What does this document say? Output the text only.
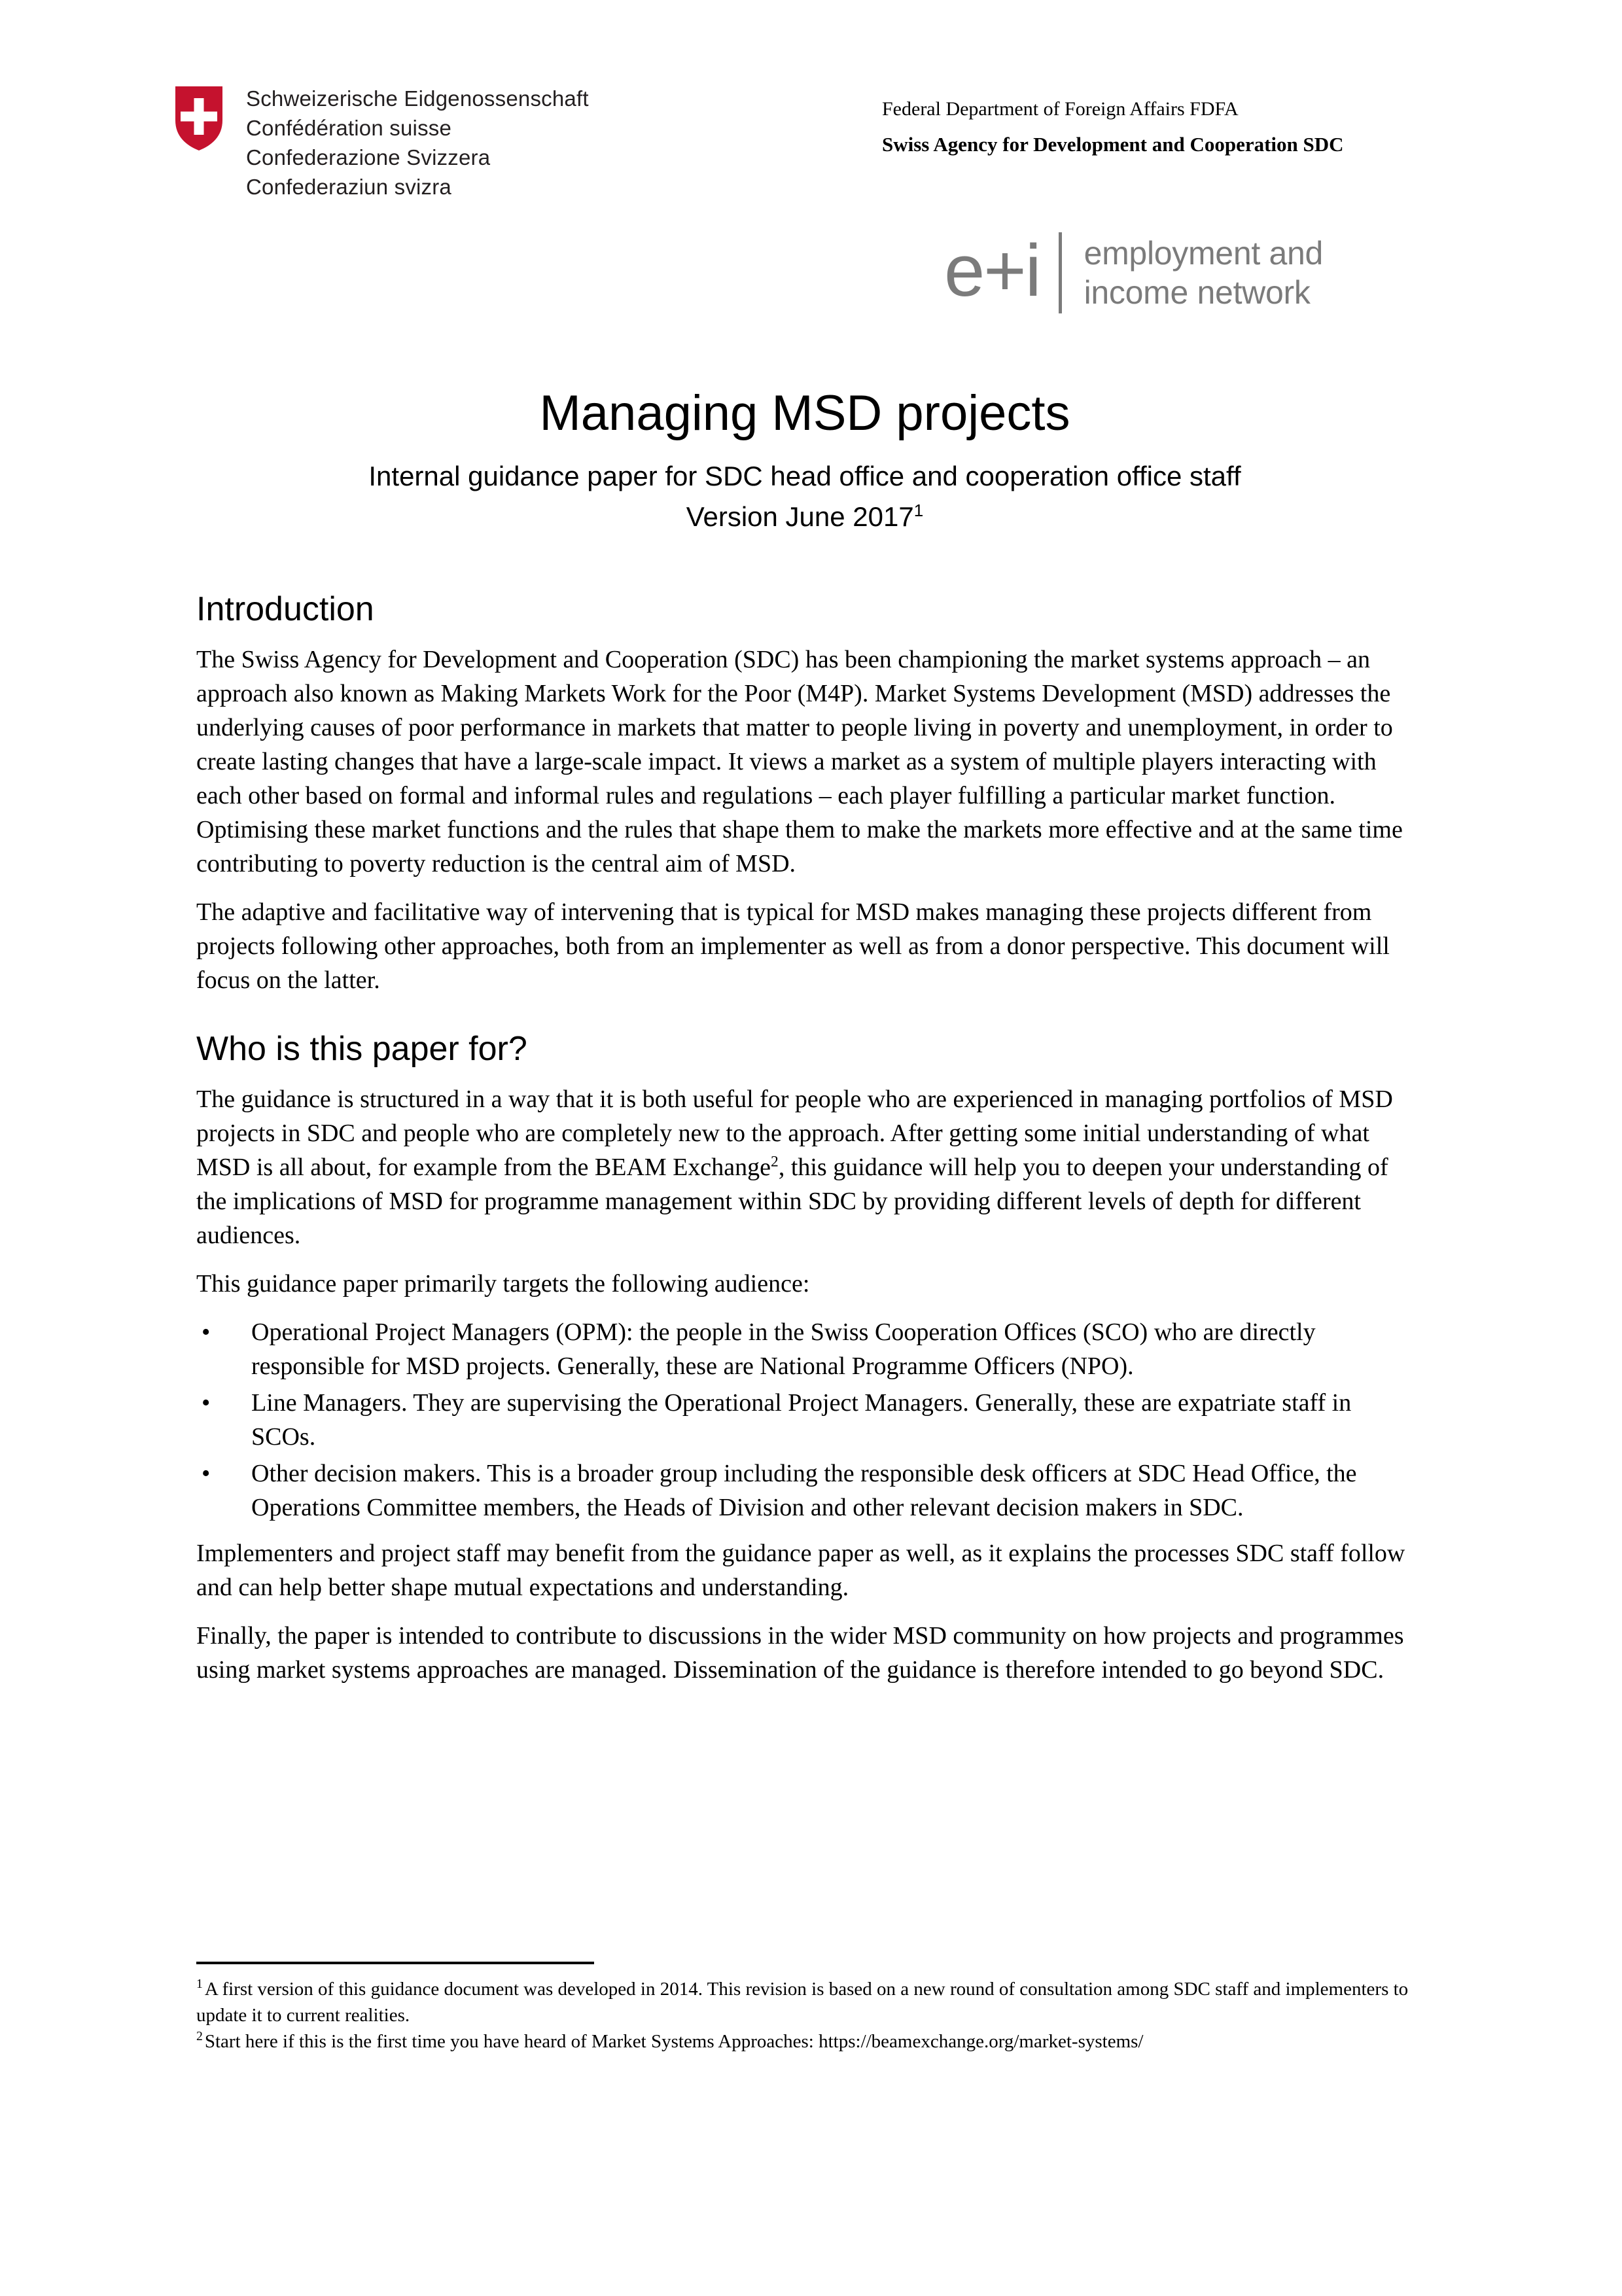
Schweizerische Eidgenossenschaft
Confédération suisse
Confederazione Svizzera
Confederaziun svizra
Federal Department of Foreign Affairs FDFA
Swiss Agency for Development and Cooperation SDC
e+i employment and
income network
Managing MSD projects

Internal guidance paper for SDC head office and cooperation office staff

Version June 2017$^1$

Introduction

The Swiss Agency for Development and Cooperation (SDC) has been championing the market systems approach – an approach also known as Making Markets Work for the Poor (M4P). Market Systems Development (MSD) addresses the underlying causes of poor performance in markets that matter to people living in poverty and unemployment, in order to create lasting changes that have a large-scale impact. It views a market as a system of multiple players interacting with each other based on formal and informal rules and regulations – each player fulfilling a particular market function. Optimising these market functions and the rules that shape them to make the markets more effective and at the same time contributing to poverty reduction is the central aim of MSD.

The adaptive and facilitative way of intervening that is typical for MSD makes managing these projects different from projects following other approaches, both from an implementer as well as from a donor perspective. This document will focus on the latter.

Who is this paper for?

The guidance is structured in a way that it is both useful for people who are experienced in managing portfolios of MSD projects in SDC and people who are completely new to the approach. After getting some initial understanding of what MSD is all about, for example from the BEAM Exchange$^2$, this guidance will help you to deepen your understanding of the implications of MSD for programme management within SDC by providing different levels of depth for different audiences.

This guidance paper primarily targets the following audience:

• Operational Project Managers (OPM): the people in the Swiss Cooperation Offices (SCO) who are directly responsible for MSD projects. Generally, these are National Programme Officers (NPO).
• Line Managers. They are supervising the Operational Project Managers. Generally, these are expatriate staff in SCOs.
• Other decision makers. This is a broader group including the responsible desk officers at SDC Head Office, the Operations Committee members, the Heads of Division and other relevant decision makers in SDC.

Implementers and project staff may benefit from the guidance paper as well, as it explains the processes SDC staff follow and can help better shape mutual expectations and understanding.

Finally, the paper is intended to contribute to discussions in the wider MSD community on how projects and programmes using market systems approaches are managed. Dissemination of the guidance is therefore intended to go beyond SDC.

$^1$ A first version of this guidance document was developed in 2014. This revision is based on a new round of consultation among SDC staff and implementers to update it to current realities.

$^2$ Start here if this is the first time you have heard of Market Systems Approaches: https://beamexchange.org/market-systems/
